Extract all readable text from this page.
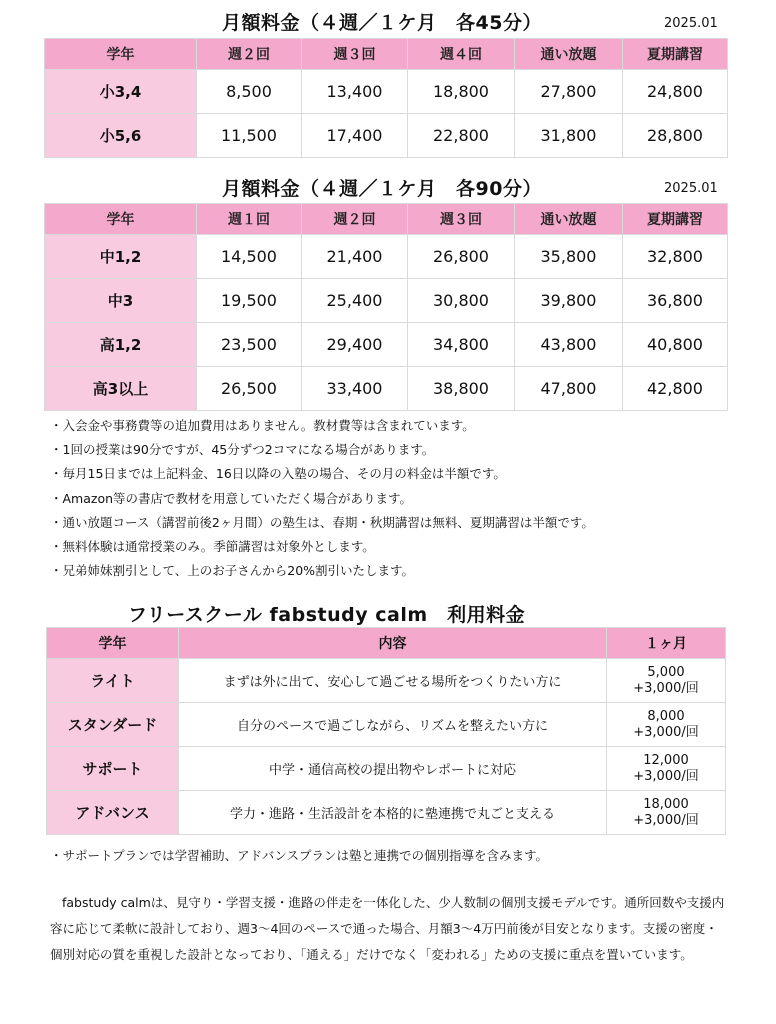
月額料金（４週／１ケ月　各45分）	2025.01
学年	週２回	週３回	週４回	通い放題	夏期講習
小3,4	8,500	13,400	18,800	27,800	24,800
小5,6	11,500	17,400	22,800	31,800	28,800
月額料金（４週／１ケ月　各90分）	2025.01
学年	週１回	週２回	週３回	通い放題	夏期講習
中1,2	14,500	21,400	26,800	35,800	32,800
中3	19,500	25,400	30,800	39,800	36,800
高1,2	23,500	29,400	34,800	43,800	40,800
高3以上	26,500	33,400	38,800	47,800	42,800
・入会金や事務費等の追加費用はありません。教材費等は含まれています。
・1回の授業は90分ですが、45分ずつ2コマになる場合があります。
・毎月15日までは上記料金、16日以降の入塾の場合、その月の料金は半額です。
・Amazon等の書店で教材を用意していただく場合があります。
・通い放題コース（講習前後2ヶ月間）の塾生は、春期・秋期講習は無料、夏期講習は半額です。
・無料体験は通常授業のみ。季節講習は対象外とします。
・兄弟姉妹割引として、上のお子さんから20%割引いたします。
フリースクール fabstudy calm　利用料金
学年	内容	１ヶ月
ライト	まずは外に出て、安心して過ごせる場所をつくりたい方に	5,000
+3,000/回

スタンダード	自分のペースで過ごしながら、リズムを整えたい方に	8,000
+3,000/回

サポート	中学・通信高校の提出物やレポートに対応	12,000
+3,000/回

アドバンス	学力・進路・生活設計を本格的に塾連携で丸ごと支える	18,000
+3,000/回
・サポートプランでは学習補助、アドバンスプランは塾と連携での個別指導を含みます。

fabstudy calmは、見守り・学習支援・進路の伴走を一体化した、少人数制の個別支援モデルです。通所回数や支援内容に応じて柔軟に設計しており、週3〜4回のペースで通った場合、月額3〜4万円前後が目安となります。支援の密度・個別対応の質を重視した設計となっており、「通える」だけでなく「変われる」ための支援に重点を置いています。
